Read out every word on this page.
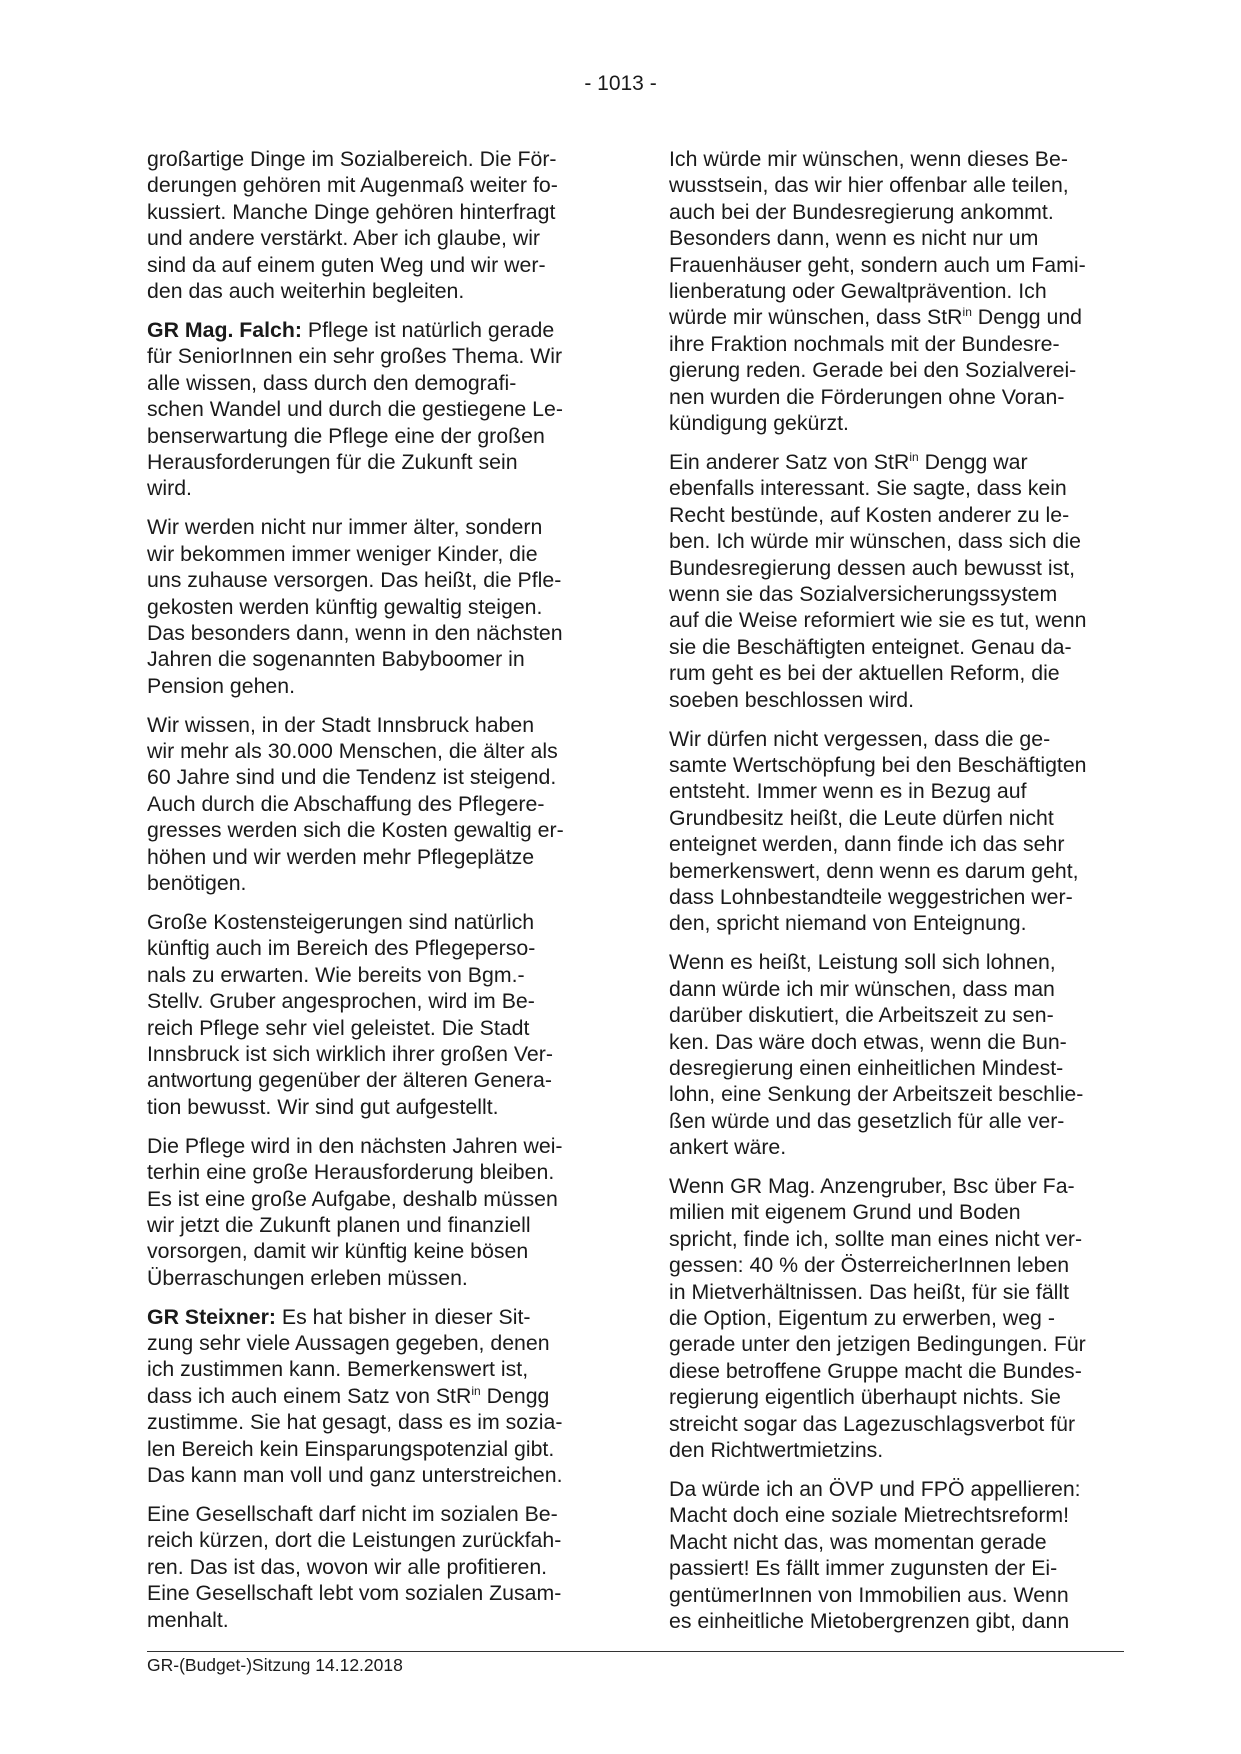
- 1013 -

großartige Dinge im Sozialbereich. Die För-
derungen gehören mit Augenmaß weiter fo-
kussiert. Manche Dinge gehören hinterfragt
und andere verstärkt. Aber ich glaube, wir
sind da auf einem guten Weg und wir wer-
den das auch weiterhin begleiten.

GR Mag. Falch: Pflege ist natürlich gerade
für SeniorInnen ein sehr großes Thema. Wir
alle wissen, dass durch den demografi-
schen Wandel und durch die gestiegene Le-
benserwartung die Pflege eine der großen
Herausforderungen für die Zukunft sein
wird.

Wir werden nicht nur immer älter, sondern
wir bekommen immer weniger Kinder, die
uns zuhause versorgen. Das heißt, die Pfle-
gekosten werden künftig gewaltig steigen.
Das besonders dann, wenn in den nächsten
Jahren die sogenannten Babyboomer in
Pension gehen.

Wir wissen, in der Stadt Innsbruck haben
wir mehr als 30.000 Menschen, die älter als
60 Jahre sind und die Tendenz ist steigend.
Auch durch die Abschaffung des Pflegere-
gresses werden sich die Kosten gewaltig er-
höhen und wir werden mehr Pflegeplätze
benötigen.

Große Kostensteigerungen sind natürlich
künftig auch im Bereich des Pflegeperso-
nals zu erwarten. Wie bereits von Bgm.-
Stellv. Gruber angesprochen, wird im Be-
reich Pflege sehr viel geleistet. Die Stadt
Innsbruck ist sich wirklich ihrer großen Ver-
antwortung gegenüber der älteren Genera-
tion bewusst. Wir sind gut aufgestellt.

Die Pflege wird in den nächsten Jahren wei-
terhin eine große Herausforderung bleiben.
Es ist eine große Aufgabe, deshalb müssen
wir jetzt die Zukunft planen und finanziell
vorsorgen, damit wir künftig keine bösen
Überraschungen erleben müssen.

GR Steixner: Es hat bisher in dieser Sit-
zung sehr viele Aussagen gegeben, denen
ich zustimmen kann. Bemerkenswert ist,
dass ich auch einem Satz von StR$^{in}$ Dengg
zustimme. Sie hat gesagt, dass es im sozia-
len Bereich kein Einsparungspotenzial gibt.
Das kann man voll und ganz unterstreichen.

Eine Gesellschaft darf nicht im sozialen Be-
reich kürzen, dort die Leistungen zurückfah-
ren. Das ist das, wovon wir alle profitieren.
Eine Gesellschaft lebt vom sozialen Zusam-
menhalt.

Ich würde mir wünschen, wenn dieses Be-
wusstsein, das wir hier offenbar alle teilen,
auch bei der Bundesregierung ankommt.
Besonders dann, wenn es nicht nur um
Frauenhäuser geht, sondern auch um Fami-
lienberatung oder Gewaltprävention. Ich
würde mir wünschen, dass StR$^{in}$ Dengg und
ihre Fraktion nochmals mit der Bundesre-
gierung reden. Gerade bei den Sozialverei-
nen wurden die Förderungen ohne Voran-
kündigung gekürzt.

Ein anderer Satz von StR$^{in}$ Dengg war
ebenfalls interessant. Sie sagte, dass kein
Recht bestünde, auf Kosten anderer zu le-
ben. Ich würde mir wünschen, dass sich die
Bundesregierung dessen auch bewusst ist,
wenn sie das Sozialversicherungssystem
auf die Weise reformiert wie sie es tut, wenn
sie die Beschäftigten enteignet. Genau da-
rum geht es bei der aktuellen Reform, die
soeben beschlossen wird.

Wir dürfen nicht vergessen, dass die ge-
samte Wertschöpfung bei den Beschäftigten
entsteht. Immer wenn es in Bezug auf
Grundbesitz heißt, die Leute dürfen nicht
enteignet werden, dann finde ich das sehr
bemerkenswert, denn wenn es darum geht,
dass Lohnbestandteile weggestrichen wer-
den, spricht niemand von Enteignung.

Wenn es heißt, Leistung soll sich lohnen,
dann würde ich mir wünschen, dass man
darüber diskutiert, die Arbeitszeit zu sen-
ken. Das wäre doch etwas, wenn die Bun-
desregierung einen einheitlichen Mindest-
lohn, eine Senkung der Arbeitszeit beschlie-
ßen würde und das gesetzlich für alle ver-
ankert wäre.

Wenn GR Mag. Anzengruber, Bsc über Fa-
milien mit eigenem Grund und Boden
spricht, finde ich, sollte man eines nicht ver-
gessen: 40 % der ÖsterreicherInnen leben
in Mietverhältnissen. Das heißt, für sie fällt
die Option, Eigentum zu erwerben, weg -
gerade unter den jetzigen Bedingungen. Für
diese betroffene Gruppe macht die Bundes-
regierung eigentlich überhaupt nichts. Sie
streicht sogar das Lagezuschlagsverbot für
den Richtwertmietzins.

Da würde ich an ÖVP und FPÖ appellieren:
Macht doch eine soziale Mietrechtsreform!
Macht nicht das, was momentan gerade
passiert! Es fällt immer zugunsten der Ei-
gentümerInnen von Immobilien aus. Wenn
es einheitliche Mietobergrenzen gibt, dann

GR-(Budget-)Sitzung 14.12.2018
